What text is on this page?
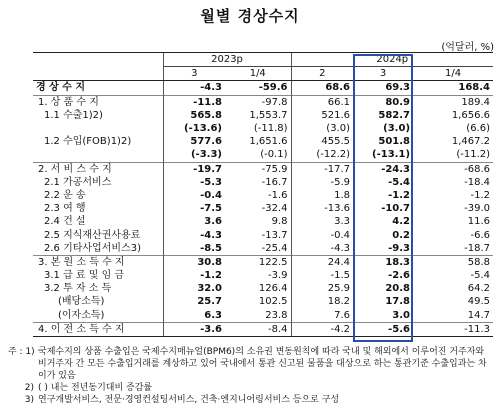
월별 경상수지
(억달러, %)
	2023p		2024p		
	3	1/4	2	3	1/4
경 상 수 지	-4.3	-59.6	68.6	69.3	168.4
1. 상 품 수 지	-11.8	-97.8	66.1	80.9	189.4
1.1 수출1)2)	565.8	1,553.7	521.6	582.7	1,656.6
	(-13.6)	(-11.8)	(3.0)	(3.0)	(6.6)
1.2 수입(FOB)1)2)	577.6	1,651.6	455.5	501.8	1,467.2
	(-3.3)	(-0.1)	(-12.2)	(-13.1)	(-11.2)
2. 서 비 스 수 지	-19.7	-75.9	-17.7	-24.3	-68.6
2.1 가공서비스	-5.3	-16.7	-5.9	-5.4	-18.4
2.2 운 송	-0.4	-1.6	1.8	-1.2	-1.2
2.3 여 행	-7.5	-32.4	-13.6	-10.7	-39.0
2.4 건 설	3.6	9.8	3.3	4.2	11.6
2.5 지식재산권사용료	-4.3	-13.7	-0.4	0.2	-6.6
2.6 기타사업서비스3)	-8.5	-25.4	-4.3	-9.3	-18.7
3. 본 원 소 득 수 지	30.8	122.5	24.4	18.3	58.8
3.1 급 료 및 임 금	-1.2	-3.9	-1.5	-2.6	-5.4
3.2 투 자 소 득	32.0	126.4	25.9	20.8	64.2
(배당소득)	25.7	102.5	18.2	17.8	49.5
(이자소득)	6.3	23.8	7.6	3.0	14.7
4. 이 전 소 득 수 지	-3.6	-8.4	-4.2	-5.6	-11.3
주 : 1) 국제수지의 상품 수출입은 국제수지매뉴얼(BPM6)의 소유권 변동원칙에 따라 국내 및 해외에서 이루어진 거주자와 비거주자 간 모든 수출입거래를 계상하고 있어 국내에서 통관 신고된 물품을 대상으로 하는 통관기준 수출입과는 차이가 있음
2) ( ) 내는 전년동기대비 증감률
3) 연구개발서비스, 전문·경영컨설팅서비스, 건축·엔지니어링서비스 등으로 구성
